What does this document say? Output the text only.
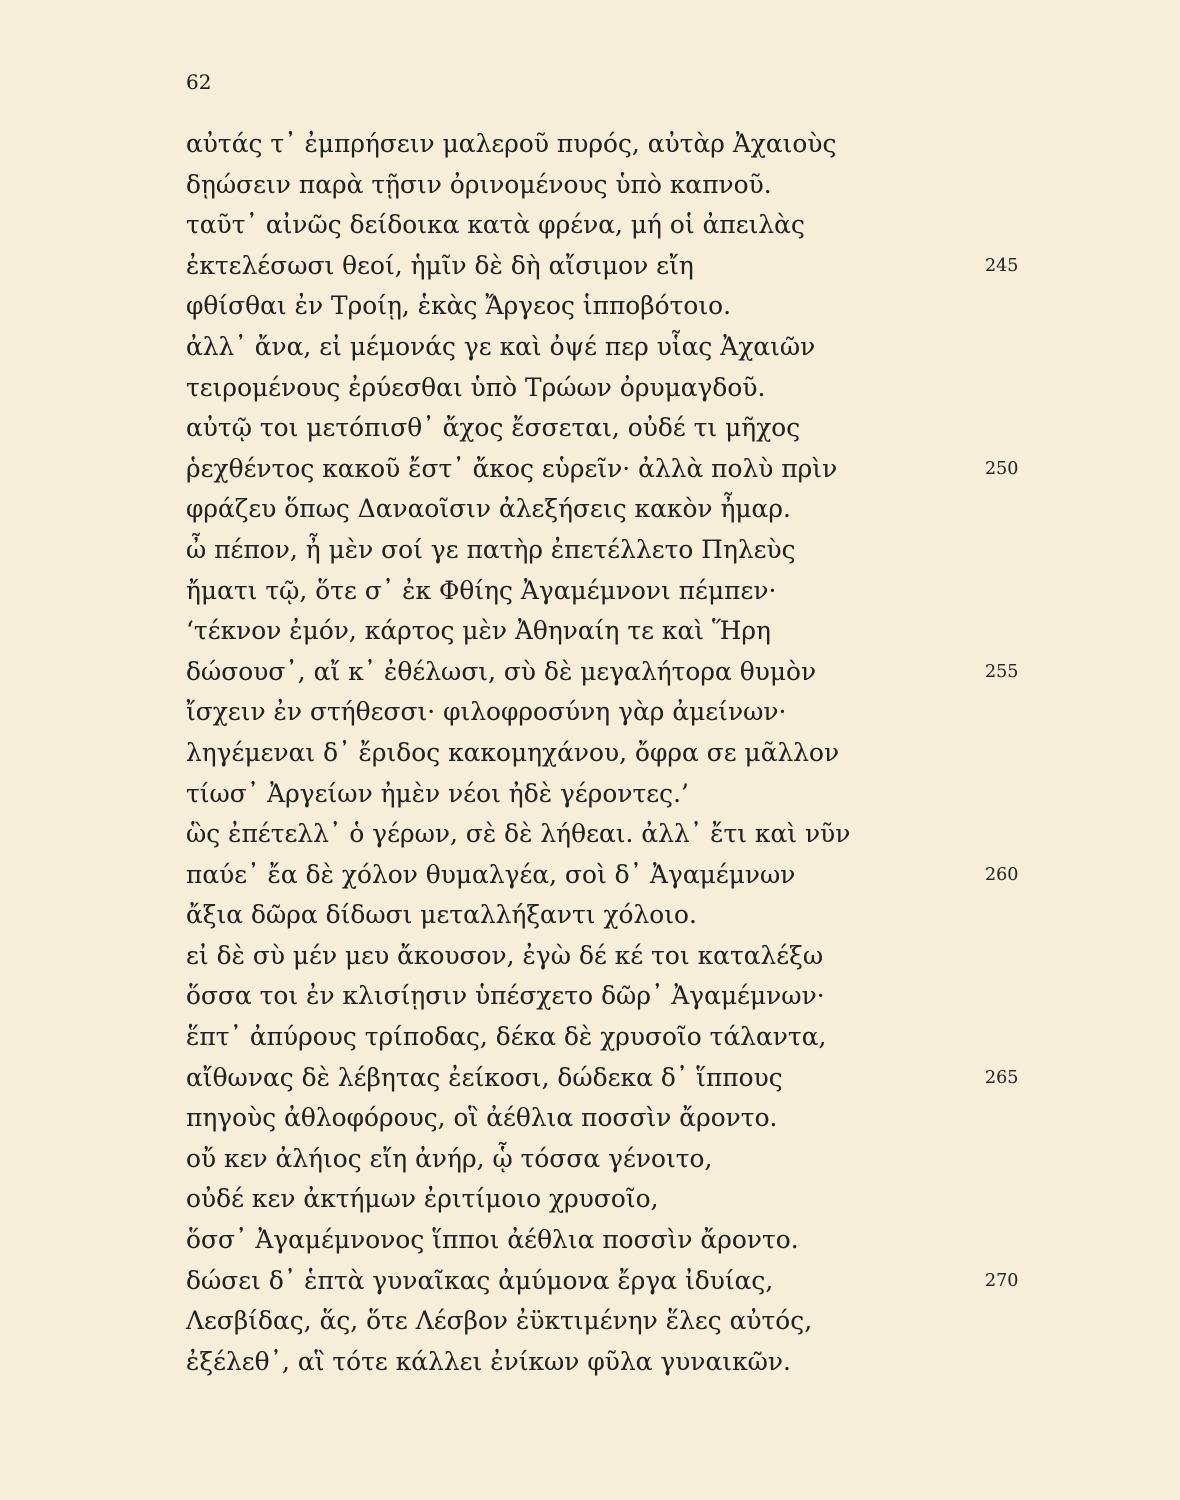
62
αὐτάς τ᾽ ἐμπρήσειν μαλεροῦ πυρός, αὐτὰρ Ἀχαιοὺς
δῃώσειν παρὰ τῇσιν ὀρινομένους ὑπὸ καπνοῦ.
ταῦτ᾽ αἰνῶς δείδοικα κατὰ φρένα, μή οἱ ἀπειλὰς
ἐκτελέσωσι θεοί, ἡμῖν δὲ δὴ αἴσιμον εἴη
φθίσθαι ἐν Τροίῃ, ἑκὰς Ἄργεος ἱπποβότοιο.
ἀλλ᾽ ἄνα, εἰ μέμονάς γε καὶ ὀψέ περ υἷας Ἀχαιῶν
τειρομένους ἐρύεσθαι ὑπὸ Τρώων ὀρυμαγδοῦ.
αὐτῷ τοι μετόπισθ᾽ ἄχος ἔσσεται, οὐδέ τι μῆχος
ῥεχθέντος κακοῦ ἔστ᾽ ἄκος εὑρεῖν· ἀλλὰ πολὺ πρὶν
φράζευ ὅπως Δαναοῖσιν ἀλεξήσεις κακὸν ἦμαρ.
ὦ πέπον, ἦ μὲν σοί γε πατὴρ ἐπετέλλετο Πηλεὺς
ἤματι τῷ, ὅτε σ᾽ ἐκ Φθίης Ἀγαμέμνονι πέμπεν·
‘τέκνον ἐμόν, κάρτος μὲν Ἀθηναίη τε καὶ Ἥρη
δώσουσ᾽, αἴ κ᾽ ἐθέλωσι, σὺ δὲ μεγαλήτορα θυμὸν
ἴσχειν ἐν στήθεσσι· φιλοφροσύνη γὰρ ἀμείνων·
ληγέμεναι δ᾽ ἔριδος κακομηχάνου, ὄφρα σε μᾶλλον
τίωσ᾽ Ἀργείων ἠμὲν νέοι ἠδὲ γέροντες.’
ὣς ἐπέτελλ᾽ ὁ γέρων, σὲ δὲ λήθεαι. ἀλλ᾽ ἔτι καὶ νῦν
παύε᾽ ἔα δὲ χόλον θυμαλγέα, σοὶ δ᾽ Ἀγαμέμνων
ἄξια δῶρα δίδωσι μεταλλήξαντι χόλοιο.
εἰ δὲ σὺ μέν μευ ἄκουσον, ἐγὼ δέ κέ τοι καταλέξω
ὅσσα τοι ἐν κλισίῃσιν ὑπέσχετο δῶρ᾽ Ἀγαμέμνων·
ἕπτ᾽ ἀπύρους τρίποδας, δέκα δὲ χρυσοῖο τάλαντα,
αἴθωνας δὲ λέβητας ἐείκοσι, δώδεκα δ᾽ ἵππους
πηγοὺς ἀθλοφόρους, οἳ ἀέθλια ποσσὶν ἄροντο.
οὔ κεν ἀλήιος εἴη ἀνήρ, ᾧ τόσσα γένοιτο,
οὐδέ κεν ἀκτήμων ἐριτίμοιο χρυσοῖο,
ὅσσ᾽ Ἀγαμέμνονος ἵπποι ἀέθλια ποσσὶν ἄροντο.
δώσει δ᾽ ἑπτὰ γυναῖκας ἀμύμονα ἔργα ἰδυίας,
Λεσβίδας, ἅς, ὅτε Λέσβον ἐϋκτιμένην ἕλες αὐτός,
ἐξέλεθ᾽, αἳ τότε κάλλει ἐνίκων φῦλα γυναικῶν.
245
250
255
260
265
270
